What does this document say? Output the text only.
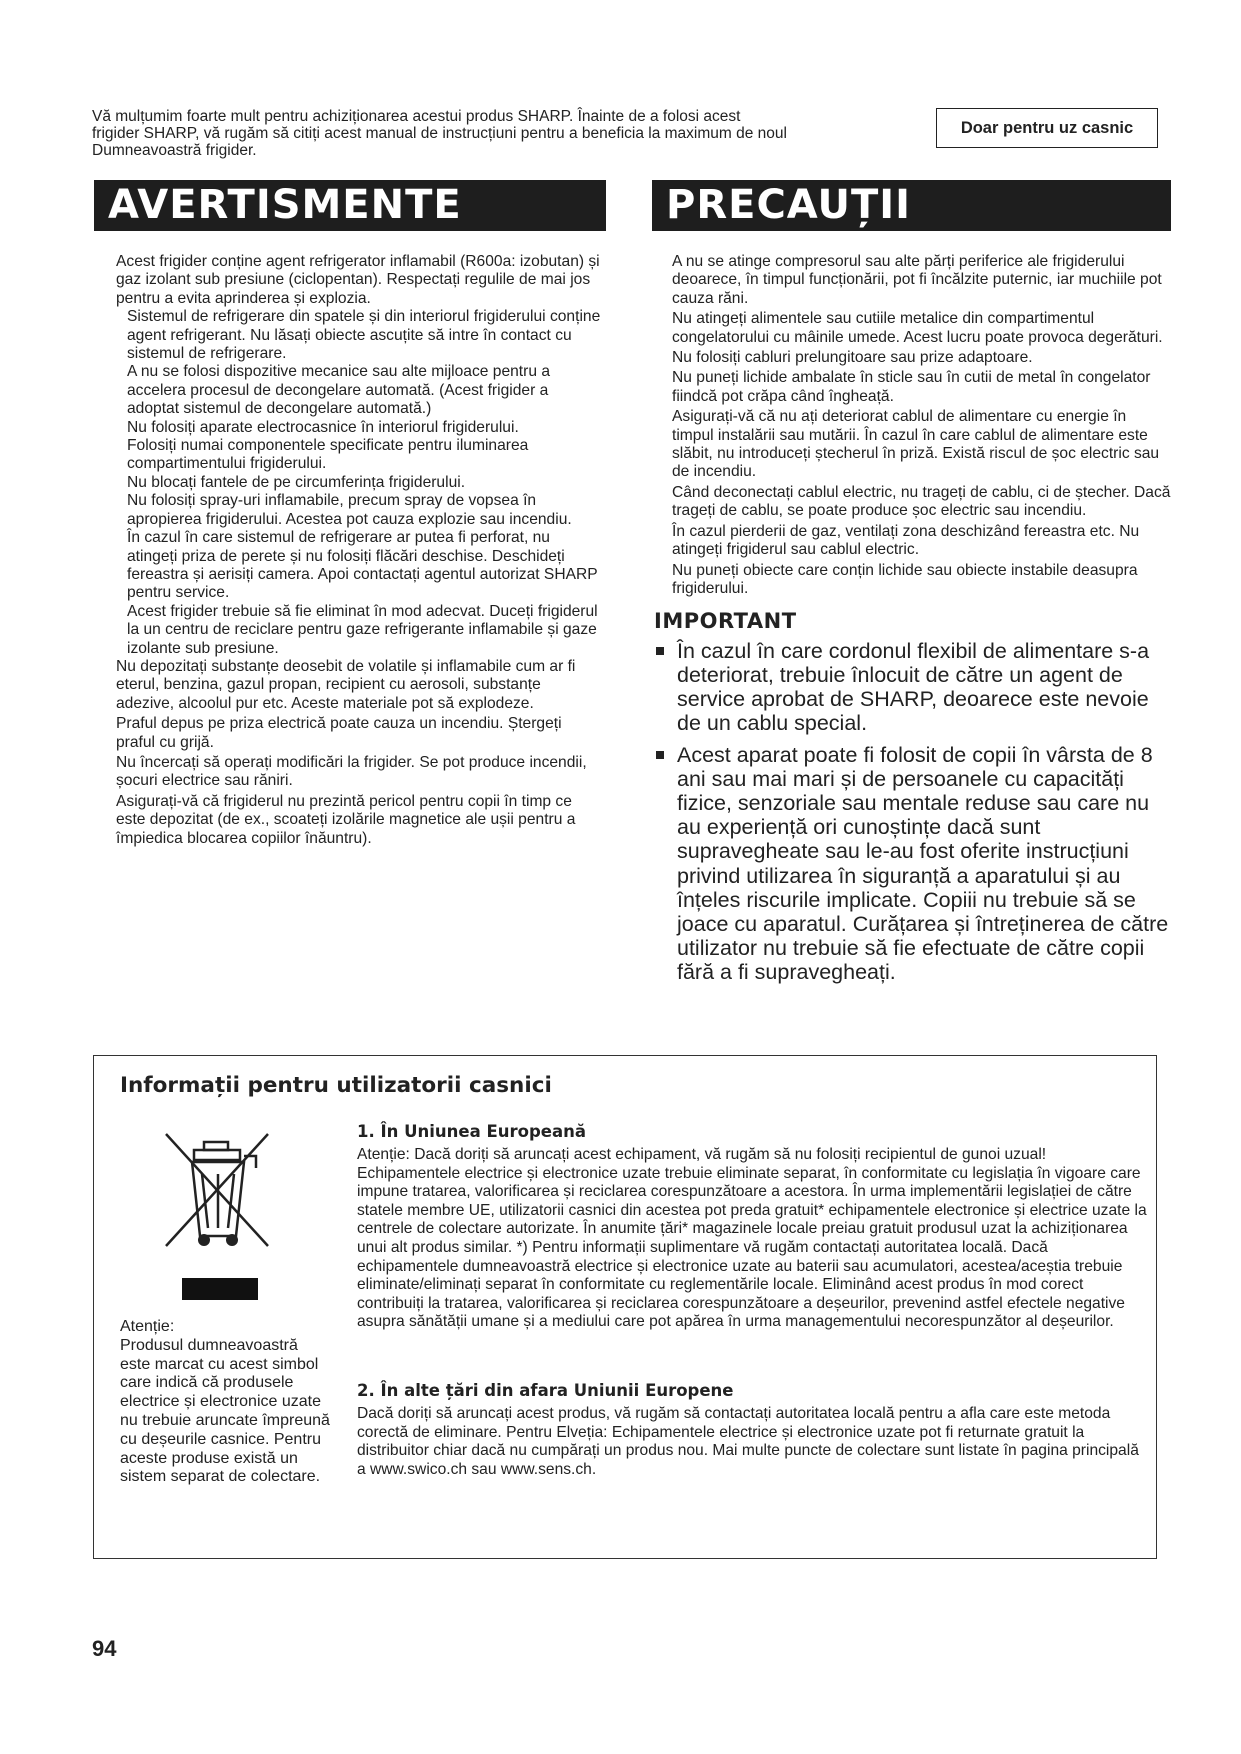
Vă mulțumim foarte mult pentru achiziționarea acestui produs SHARP. Înainte de a folosi acest
frigider SHARP, vă rugăm să citiți acest manual de instrucțiuni pentru a beneficia la maximum de noul
Dumneavoastră frigider.
Doar pentru uz casnic
AVERTISMENTE	PRECAUȚII
Acest frigider conține agent refrigerator inflamabil (R600a: izobutan) și gaz izolant sub presiune (ciclopentan). Respectați regulile de mai jos pentru a evita aprinderea și explozia.
Sistemul de refrigerare din spatele și din interiorul frigiderului conține agent refrigerant. Nu lăsați obiecte ascuțite să intre în contact cu sistemul de refrigerare.
A nu se folosi dispozitive mecanice sau alte mijloace pentru a accelera procesul de decongelare automată. (Acest frigider a adoptat sistemul de decongelare automată.)
Nu folosiți aparate electrocasnice în interiorul frigiderului.
Folosiți numai componentele specificate pentru iluminarea compartimentului frigiderului.
Nu blocați fantele de pe circumferința frigiderului.
Nu folosiți spray-uri inflamabile, precum spray de vopsea în apropierea frigiderului. Acestea pot cauza explozie sau incendiu.
În cazul în care sistemul de refrigerare ar putea fi perforat, nu atingeți priza de perete și nu folosiți flăcări deschise. Deschideți fereastra și aerisiți camera. Apoi contactați agentul autorizat SHARP pentru service.
Acest frigider trebuie să fie eliminat în mod adecvat. Duceți frigiderul la un centru de reciclare pentru gaze refrigerante inflamabile și gaze izolante sub presiune.
Nu depozitați substanțe deosebit de volatile și inflamabile cum ar fi eterul, benzina, gazul propan, recipient cu aerosoli, substanțe adezive, alcoolul pur etc. Aceste materiale pot să explodeze.
Praful depus pe priza electrică poate cauza un incendiu. Ștergeți praful cu grijă.
Nu încercați să operați modificări la frigider. Se pot produce incendii, șocuri electrice sau răniri.
Asigurați-vă că frigiderul nu prezintă pericol pentru copii în timp ce este depozitat (de ex., scoateți izolările magnetice ale ușii pentru a împiedica blocarea copiilor înăuntru).
A nu se atinge compresorul sau alte părți periferice ale frigiderului deoarece, în timpul funcționării, pot fi încălzite puternic, iar muchiile pot cauza răni.
Nu atingeți alimentele sau cutiile metalice din compartimentul congelatorului cu mâinile umede. Acest lucru poate provoca degerături.
Nu folosiți cabluri prelungitoare sau prize adaptoare.
Nu puneți lichide ambalate în sticle sau în cutii de metal în congelator fiindcă pot crăpa când îngheață.
Asigurați-vă că nu ați deteriorat cablul de alimentare cu energie în timpul instalării sau mutării. În cazul în care cablul de alimentare este slăbit, nu introduceți ștecherul în priză. Există riscul de șoc electric sau de incendiu.
Când deconectați cablul electric, nu trageți de cablu, ci de ștecher. Dacă trageți de cablu, se poate produce șoc electric sau incendiu.
În cazul pierderii de gaz, ventilați zona deschizând fereastra etc. Nu atingeți frigiderul sau cablul electric.
Nu puneți obiecte care conțin lichide sau obiecte instabile deasupra frigiderului.
IMPORTANT
În cazul în care cordonul flexibil de alimentare s-a deteriorat, trebuie înlocuit de către un agent de service aprobat de SHARP, deoarece este nevoie de un cablu special.
Acest aparat poate fi folosit de copii în vârsta de 8 ani sau mai mari și de persoanele cu capacități fizice, senzoriale sau mentale reduse sau care nu au experiență ori cunoștințe dacă sunt supravegheate sau le-au fost oferite instrucțiuni privind utilizarea în siguranță a aparatului și au înțeles riscurile implicate. Copiii nu trebuie să se joace cu aparatul. Curățarea și întreținerea de către utilizator nu trebuie să fie efectuate de către copii fără a fi supravegheați.
Informații pentru utilizatorii casnici
Atenție:
Produsul dumneavoastră este marcat cu acest simbol care indică că produsele electrice și electronice uzate nu trebuie aruncate împreună cu deșeurile casnice. Pentru aceste produse există un sistem separat de colectare.
1. În Uniunea Europeană
Atenție: Dacă doriți să aruncați acest echipament, vă rugăm să nu folosiți recipientul de gunoi uzual! Echipamentele electrice și electronice uzate trebuie eliminate separat, în conformitate cu legislația în vigoare care impune tratarea, valorificarea și reciclarea corespunzătoare a acestora. În urma implementării legislației de către statele membre UE, utilizatorii casnici din acestea pot preda gratuit* echipamentele electronice și electrice uzate la centrele de colectare autorizate. În anumite țări* magazinele locale preiau gratuit produsul uzat la achiziționarea unui alt produs similar. *) Pentru informații suplimentare vă rugăm contactați autoritatea locală. Dacă echipamentele dumneavoastră electrice și electronice uzate au baterii sau acumulatori, acestea/aceștia trebuie eliminate/eliminați separat în conformitate cu reglementările locale. Eliminând acest produs în mod corect contribuiți la tratarea, valorificarea și reciclarea corespunzătoare a deșeurilor, prevenind astfel efectele negative asupra sănătății umane și a mediului care pot apărea în urma managementului necorespunzător al deșeurilor.
2. În alte țări din afara Uniunii Europene
Dacă doriți să aruncați acest produs, vă rugăm să contactați autoritatea locală pentru a afla care este metoda corectă de eliminare. Pentru Elveția: Echipamentele electrice și electronice uzate pot fi returnate gratuit la distribuitor chiar dacă nu cumpărați un produs nou. Mai multe puncte de colectare sunt listate în pagina principală a www.swico.ch sau www.sens.ch.
94
